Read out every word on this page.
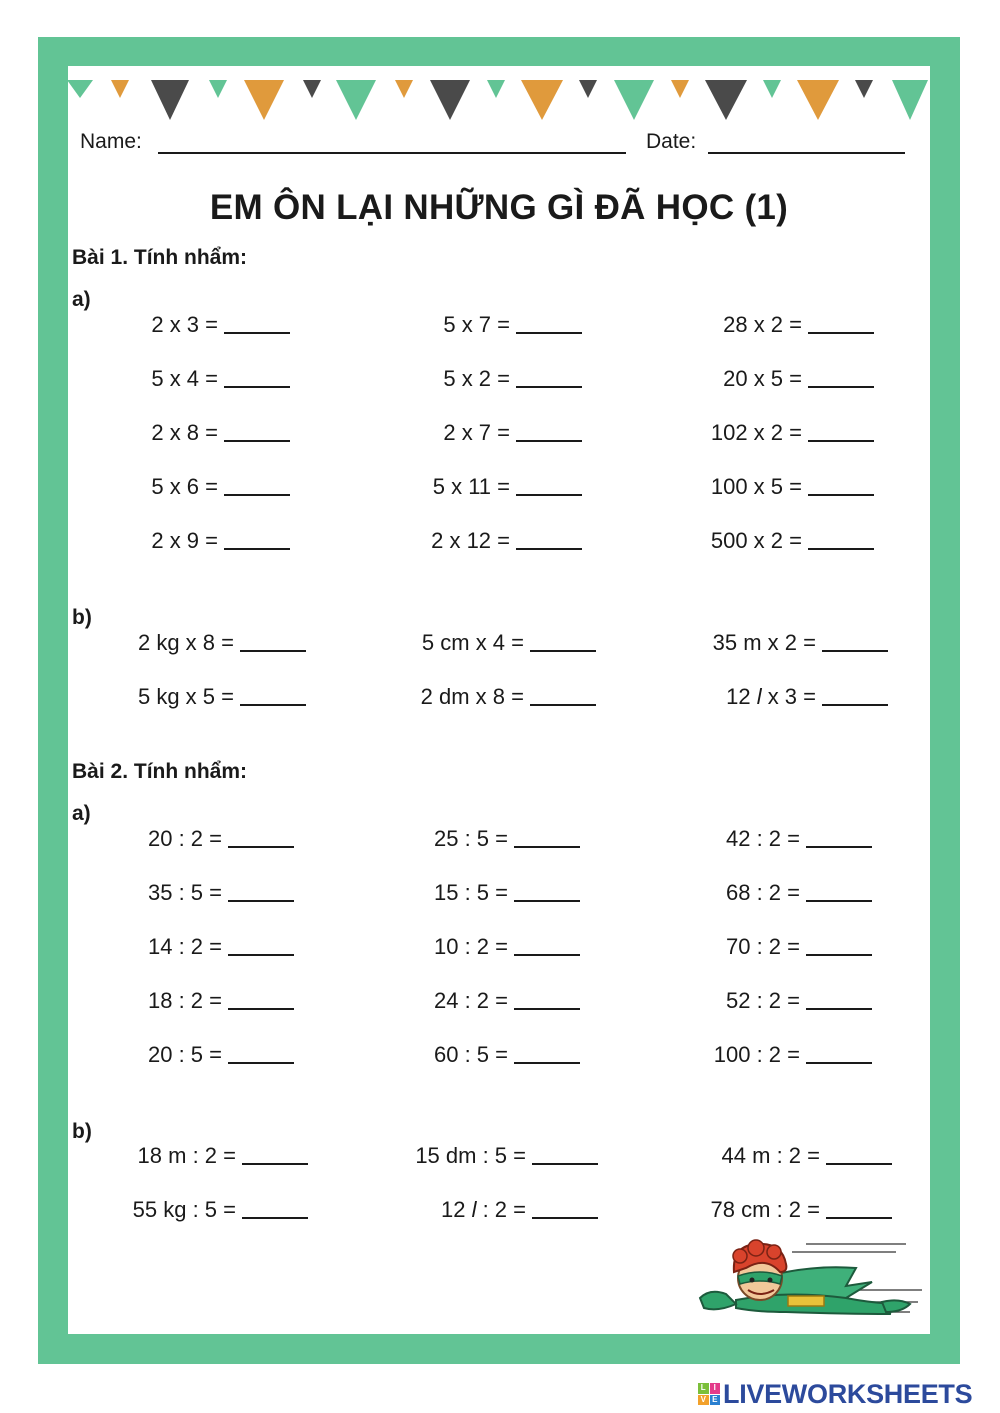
Name:	Date:
EM ÔN LẠI NHỮNG GÌ ĐÃ HỌC (1)
Bài 1. Tính nhẩm:
a)
b)
Bài 2. Tính nhẩm:
a)
b)
2 x 3 =	5 x 7 =	28 x 2 =
5 x 4 =	5 x 2 =	20 x 5 =
2 x 8 =	2 x 7 =	102 x 2 =
5 x 6 =	5 x 11 =	100 x 5 =
2 x 9 =	2 x 12 =	500 x 2 =
2 kg x 8 =	5 cm x 4 =	35 m x 2 =
5 kg x 5 =	2 dm x 8 =	12 l x 3 =
20 : 2 =	25 : 5 =	42 : 2 =
35 : 5 =	15 : 5 =	68 : 2 =
14 : 2 =	10 : 2 =	70 : 2 =
18 : 2 =	24 : 2 =	52 : 2 =
20 : 5 =	60 : 5 =	100 : 2 =
18 m : 2 =	15 dm : 5 =	44 m : 2 =
55 kg : 5 =	12 l : 2 =	78 cm : 2 =
L I
V E LIVEWORKSHEETS
